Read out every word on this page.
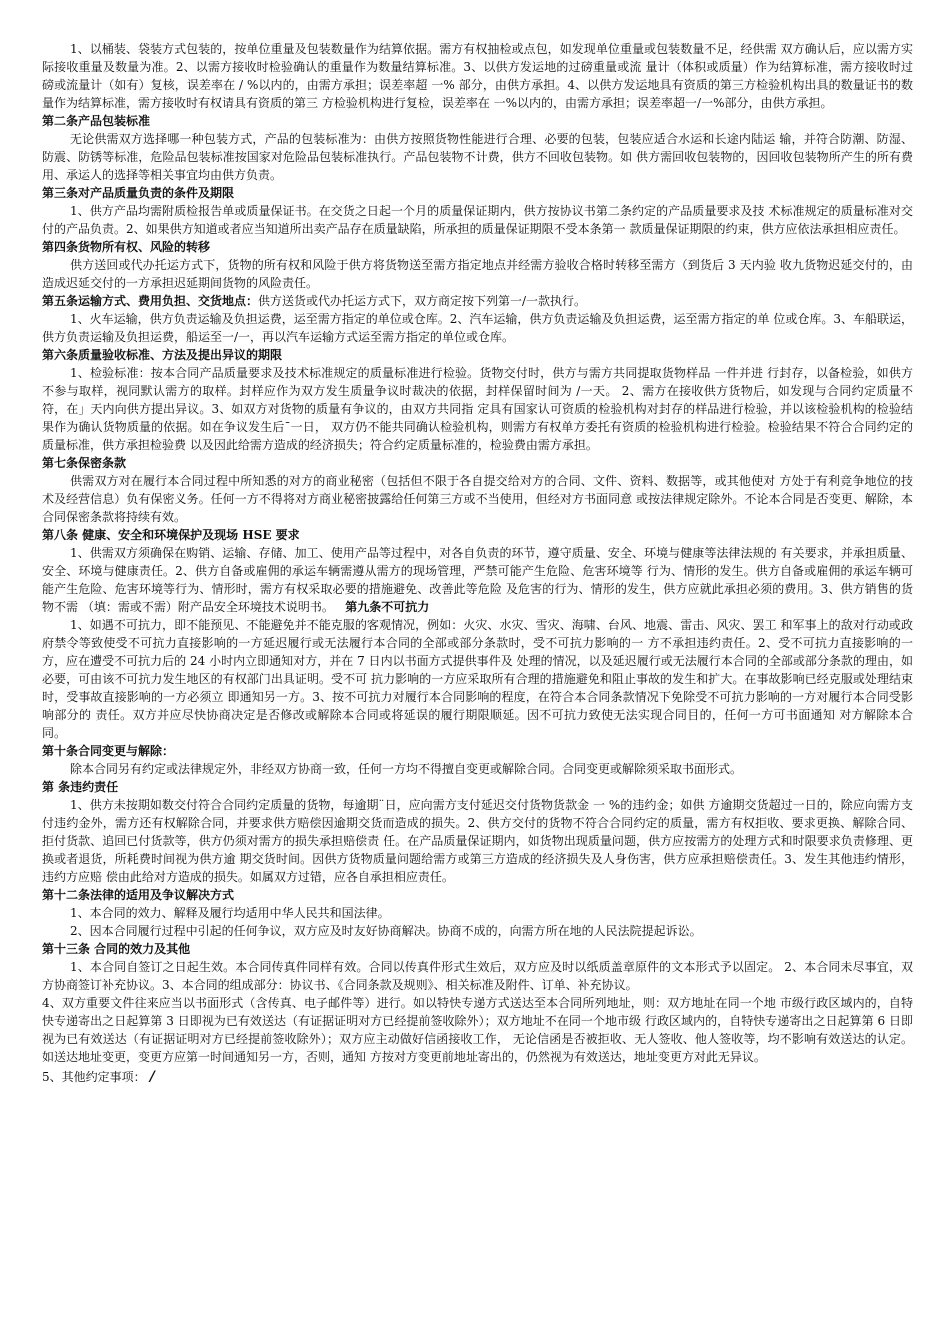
1、以桶装、袋装方式包装的，按单位重量及包装数量作为结算依据。需方有权抽检或点包，如发现单位重量或包装数量不足，经供需 双方确认后，应以需方实际接收重量及数量为准。2、以需方接收时检验确认的重量作为数量结算标准。3、以供方发运地的过磅重量或流 量计（体积或质量）作为结算标准，需方接收时过磅或流量计（如有）复核，误差率在 / %以内的，由需方承担；误差率超 一% 部分，由供方承担。4、以供方发运地具有资质的第三方检验机构出具的数量证书的数量作为结算标准，需方接收时有权请具有资质的第三 方检验机构进行复检，误差率在 一%以内的，由需方承担；误差率超一/一%部分，由供方承担。

第二条产品包装标准

无论供需双方选择哪一种包装方式，产品的包装标准为：由供方按照货物性能进行合理、必要的包装，包装应适合水运和长途内陆运 输，并符合防潮、防湿、防震、防锈等标准，危险品包装标准按国家对危险品包装标准执行。产品包装物不计费，供方不回收包装物。如 供方需回收包装物的，因回收包装物所产生的所有费用、承运人的选择等相关事宜均由供方负责。

第三条对产品质量负责的条件及期限

1、供方产品均需附质检报告单或质量保证书。在交货之日起一个月的质量保证期内，供方按协议书第二条约定的产品质量要求及技 术标准规定的质量标准对交付的产品负责。2、如果供方知道或者应当知道所出卖产品存在质量缺陷，所承担的质量保证期限不受本条第一 款质量保证期限的约束，供方应依法承担相应责任。

第四条货物所有权、风险的转移

供方送回或代办托运方式下，货物的所有权和风险于供方将货物送至需方指定地点并经需方验收合格时转移至需方（到货后 3 天内验 收九货物迟延交付的，由造成迟延交付的一方承担迟延期间货物的风险责任。

第五条运输方式、费用负担、交货地点：供方送货或代办托运方式下，双方商定按下列第一/一款执行。

1、火车运输，供方负责运输及负担运费，运至需方指定的单位或仓库。2、汽车运输，供方负责运输及负担运费，运至需方指定的单 位或仓库。3、车船联运，供方负责运输及负担运费，船运至一/一，再以汽车运输方式运至需方指定的单位或仓库。

第六条质量验收标准、方法及提出异议的期限

1、检验标准：按本合同产品质量要求及技术标准规定的质量标准进行检验。货物交付时，供方与需方共同提取货物样品 一件并进 行封存，以备检验，如供方不参与取样，视同默认需方的取样。封样应作为双方发生质量争议时裁决的依据，封样保留时间为 /一天。 2、需方在接收供方货物后，如发现与合同约定质量不符，在」天内向供方提出异议。3、如双方对货物的质量有争议的，由双方共同指 定具有国家认可资质的检验机构对封存的样品进行检验，并以该检验机构的检验结果作为确认货物质量的依据。如在争议发生后¯一日， 双方仍不能共同确认检验机构，则需方有权单方委托有资质的检验机构进行检验。检验结果不符合合同约定的质量标准，供方承担检验费 以及因此给需方造成的经济损失；符合约定质量标准的，检验费由需方承担。

第七条保密条款

供需双方对在履行本合同过程中所知悉的对方的商业秘密（包括但不限于各自提交给对方的合同、文件、资料、数据等，或其他使对 方处于有利竞争地位的技术及经营信息）负有保密义务。任何一方不得将对方商业秘密披露给任何第三方或不当使用，但经对方书面同意 或按法律规定除外。不论本合同是否变更、解除，本合同保密条款将持续有效。

第八条 健康、安全和环境保护及现场 HSE 要求

1、供需双方须确保在购销、运输、存储、加工、使用产品等过程中，对各自负责的环节，遵守质量、安全、环境与健康等法律法规的 有关要求，并承担质量、安全、环境与健康责任。2、供方自备或雇佣的承运车辆需遵从需方的现场管理，严禁可能产生危险、危害环境等 行为、情形的发生。供方自备或雇佣的承运车辆可能产生危险、危害环境等行为、情形时，需方有权采取必要的措施避免、改善此等危险 及危害的行为、情形的发生，供方应就此承担必须的费用。3、供方销售的货物不需 （填：需或不需）附产品安全环境技术说明书。 第九条不可抗力

1、如遇不可抗力，即不能预见、不能避免并不能克服的客观情况，例如：火灾、水灾、雪灾、海啸、台风、地震、雷击、风灾、罢工 和军事上的敌对行动或政府禁令等致使受不可抗力直接影响的一方延迟履行或无法履行本合同的全部或部分条款时，受不可抗力影响的一 方不承担违约责任。2、受不可抗力直接影响的一方，应在遭受不可抗力后的 24 小时内立即通知对方，并在 7 日内以书面方式提供事件及 处理的情况，以及延迟履行或无法履行本合同的全部或部分条款的理由，如必要，可由该不可抗力发生地区的有权部门出具证明。受不可 抗力影响的一方应采取所有合理的措施避免和阻止事故的发生和扩大。在事故影响已经克服或处理结束时，受事故直接影响的一方必须立 即通知另一方。3、按不可抗力对履行本合同影响的程度，在符合本合同条款情况下免除受不可抗力影响的一方对履行本合同受影响部分的 责任。双方并应尽快协商决定是否修改或解除本合同或将延误的履行期限顺延。因不可抗力致使无法实现合同目的，任何一方可书面通知 对方解除本合同。

第十条合同变更与解除：

除本合同另有约定或法律规定外，非经双方协商一致，任何一方均不得擅自变更或解除合同。合同变更或解除须采取书面形式。

第 条违约责任

1、供方未按期如数交付符合合同约定质量的货物，每逾期¨日，应向需方支付延迟交付货物货款金 一 %的违约金；如供 方逾期交货超过一日的，除应向需方支付违约金外，需方还有权解除合同，并要求供方赔偿因逾期交货而造成的损失。2、供方交付的货物不符合合同约定的质量，需方有权拒收、要求更换、解除合同、拒付货款、追回已付货款等，供方仍须对需方的损失承担赔偿责 任。在产品质量保证期内，如货物出现质量问题，供方应按需方的处理方式和时限要求负责修理、更换或者退货，所耗费时间视为供方逾 期交货时间。因供方货物质量问题给需方或第三方造成的经济损失及人身伤害，供方应承担赔偿责任。3、发生其他违约情形，违约方应赔 偿由此给对方造成的损失。如属双方过错，应各自承担相应责任。

第十二条法律的适用及争议解决方式

1、本合同的效力、解释及履行均适用中华人民共和国法律。

2、因本合同履行过程中引起的任何争议，双方应及时友好协商解决。协商不成的，向需方所在地的人民法院提起诉讼。

第十三条 合同的效力及其他

1、本合同自签订之日起生效。本合同传真件同样有效。合同以传真件形式生效后，双方应及时以纸质盖章原件的文本形式予以固定。 2、本合同未尽事宜，双方协商签订补充协议。3、本合同的组成部分：协议书、《合同条款及规则》、相关标准及附件、订单、补充协议。

4、双方重要文件往来应当以书面形式（含传真、电子邮件等）进行。如以特快专递方式送达至本合同所列地址，则：双方地址在同一个地 市级行政区域内的，自特快专递寄出之日起算第 3 日即视为已有效送达（有证据证明对方已经提前签收除外）；双方地址不在同一个地市级 行政区域内的，自特快专递寄出之日起算第 6 日即视为已有效送达（有证据证明对方已经提前签收除外）；双方应主动做好信函接收工作， 无论信函是否被拒收、无人签收、他人签收等，均不影响有效送达的认定。如送达地址变更，变更方应第一时间通知另一方，否则，通知 方按对方变更前地址寄出的，仍然视为有效送达，地址变更方对此无异议。

5、其他约定事项： /
